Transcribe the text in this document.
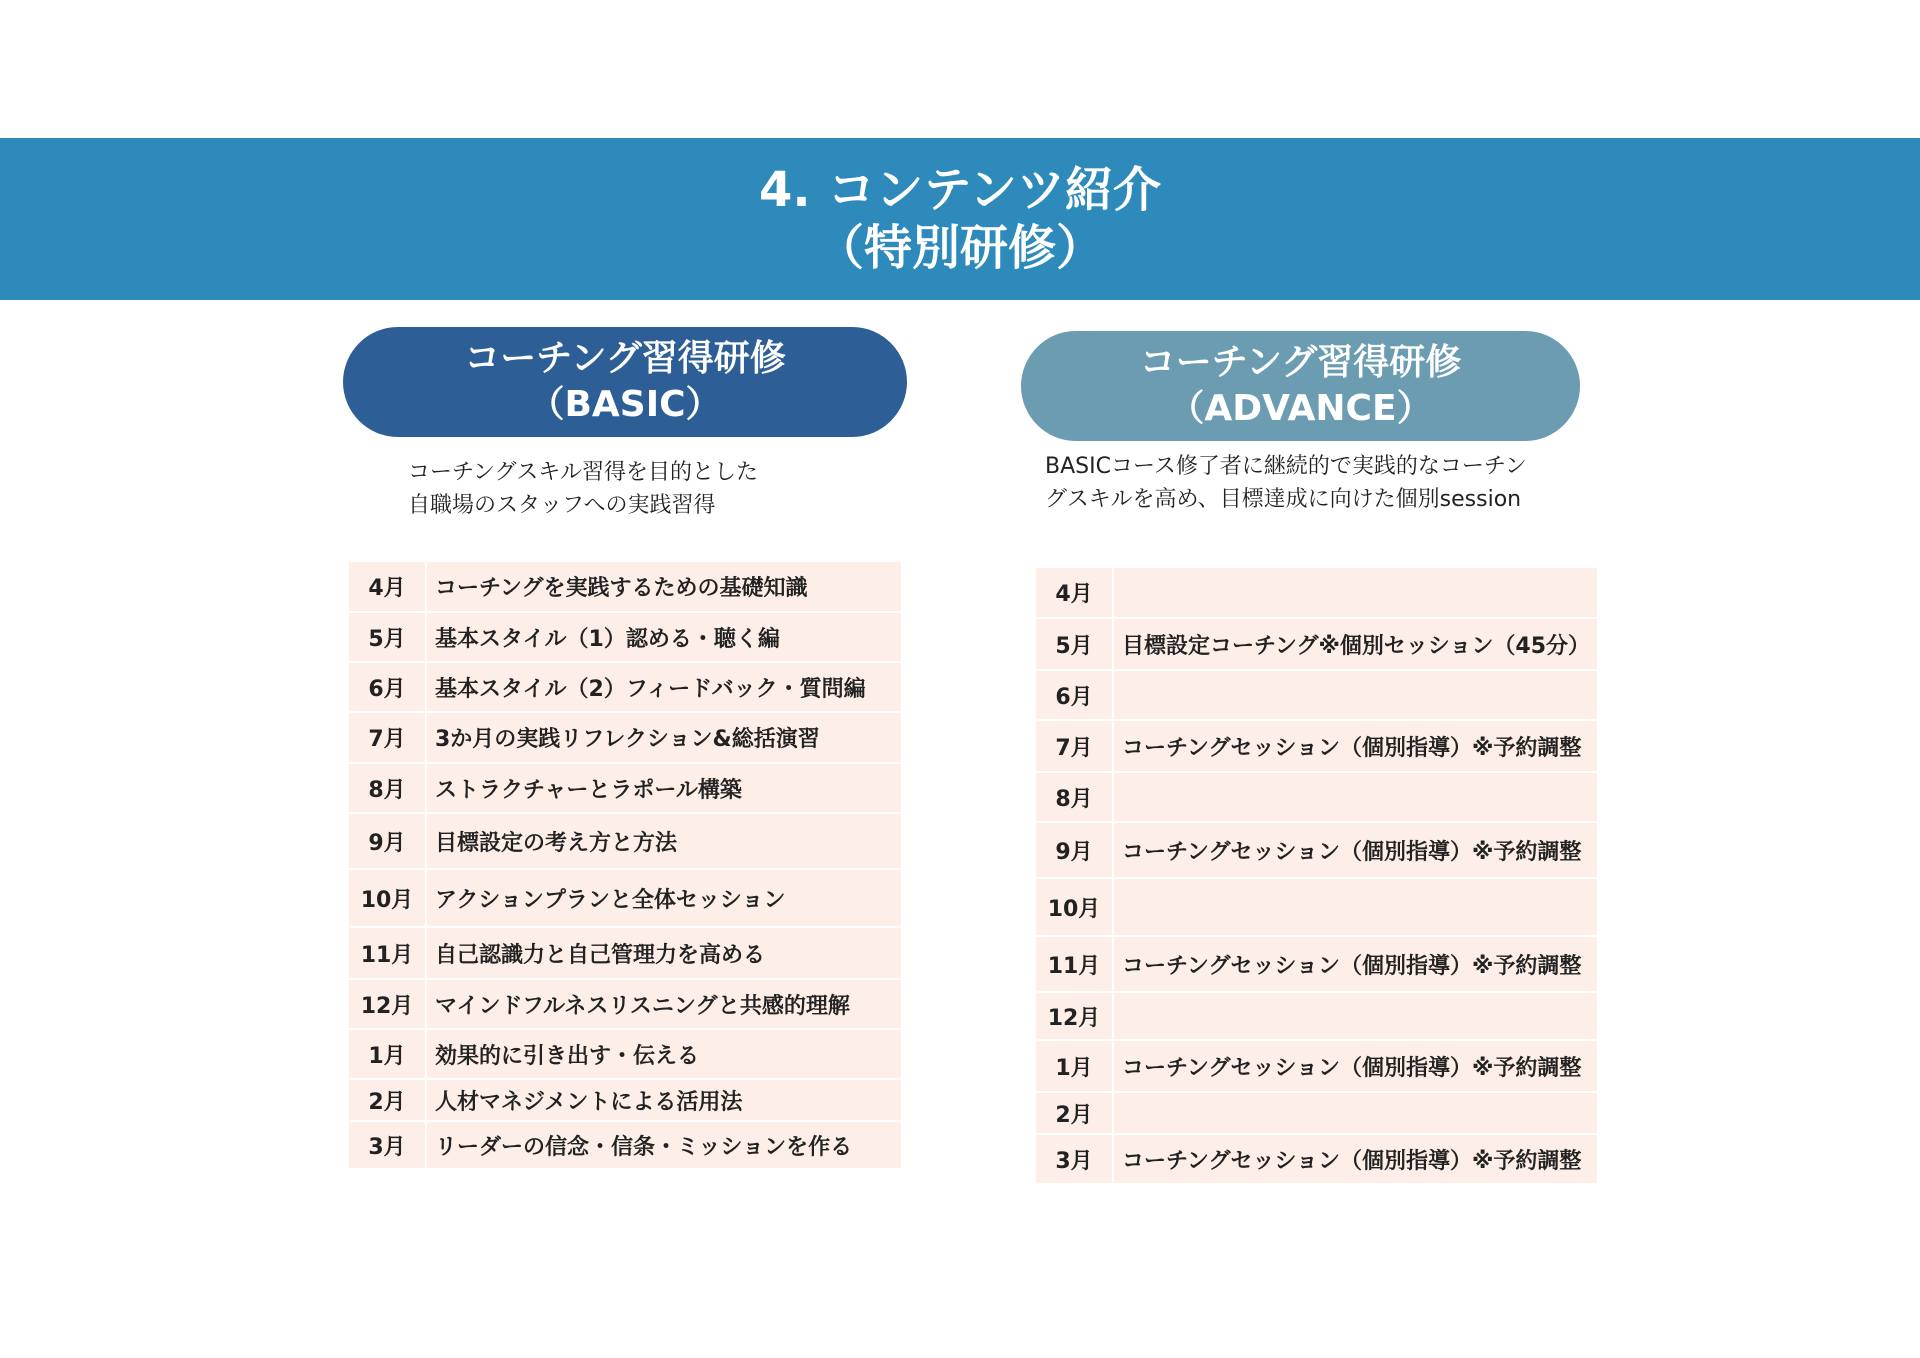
4. コンテンツ紹介
（特別研修）
コーチング習得研修
（BASIC）
コーチング習得研修
（ADVANCE）
コーチングスキル習得を目的とした
自職場のスタッフへの実践習得
BASICコース修了者に継続的で実践的なコーチン
グスキルを高め、目標達成に向けた個別session
4月	コーチングを実践するための基礎知識
5月	基本スタイル（1）認める・聴く編
6月	基本スタイル（2）フィードバック・質問編
7月	3か月の実践リフレクション&総括演習
8月	ストラクチャーとラポール構築
9月	目標設定の考え方と方法
10月	アクションプランと全体セッション
11月	自己認識力と自己管理力を高める
12月	マインドフルネスリスニングと共感的理解
1月	効果的に引き出す・伝える
2月	人材マネジメントによる活用法
3月	リーダーの信念・信条・ミッションを作る
4月	
5月	目標設定コーチング※個別セッション（45分）
6月	
7月	コーチングセッション（個別指導）※予約調整
8月	
9月	コーチングセッション（個別指導）※予約調整
10月	
11月	コーチングセッション（個別指導）※予約調整
12月	
1月	コーチングセッション（個別指導）※予約調整
2月	
3月	コーチングセッション（個別指導）※予約調整
